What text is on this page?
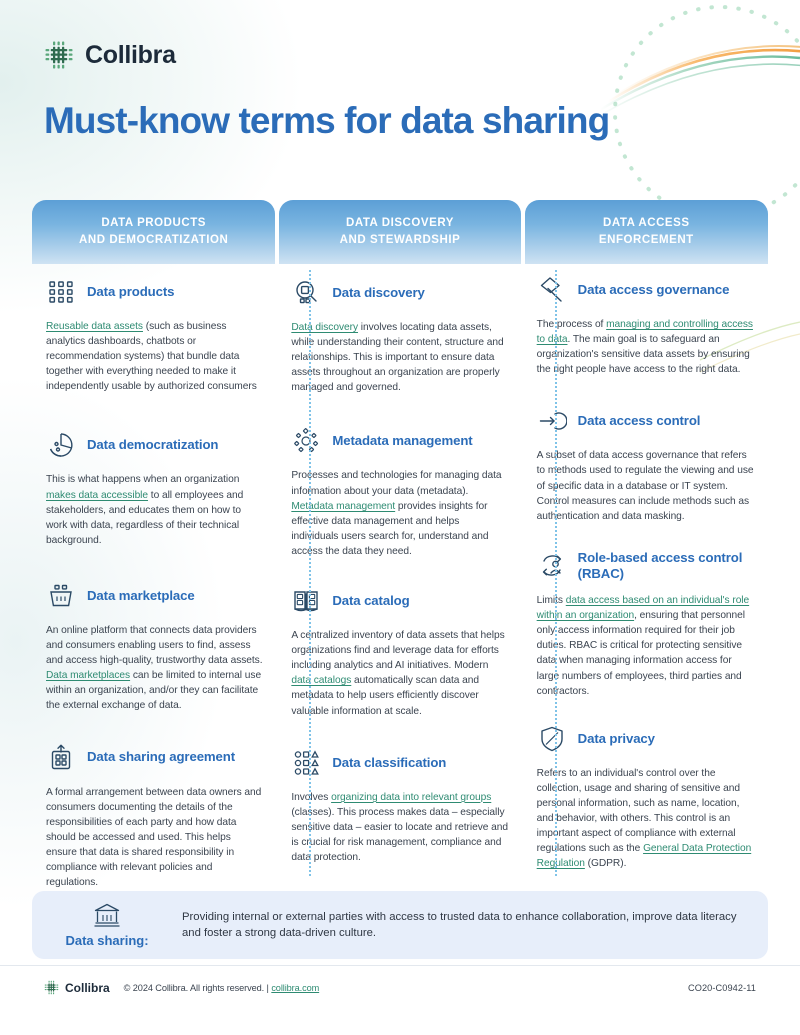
Collibra
Must-know terms for data sharing
DATA PRODUCTS
AND DEMOCRATIZATION
Data products

Reusable data assets (such as business analytics dashboards, chatbots or recommendation systems) that bundle data together with everything needed to make it independently usable by authorized consumers

Data democratization

This is what happens when an organization makes data accessible to all employees and stakeholders, and educates them on how to work with data, regardless of their technical background.

Data marketplace

An online platform that connects data providers and consumers enabling users to find, assess and access high-quality, trustworthy data assets. Data marketplaces can be limited to internal use within an organization, and/or they can facilitate the external exchange of data.

Data sharing agreement

A formal arrangement between data owners and consumers documenting the details of the responsibilities of each party and how data should be accessed and used. This helps ensure that data is shared responsibility in compliance with relevant policies and regulations.

DATA DISCOVERY
AND STEWARDSHIP
Data discovery

Data discovery involves locating data assets, while understanding their content, structure and relationships. This is important to ensure data assets throughout an organization are properly managed and governed.

Metadata management

Processes and technologies for managing data information about your data (metadata). Metadata management provides insights for effective data management and helps individuals users search for, understand and access the data they need.

Data catalog

A centralized inventory of data assets that helps organizations find and leverage data for efforts including analytics and AI initiatives. Modern data catalogs automatically scan data and metadata to help users efficiently discover valuable information at scale.

Data classification

Involves organizing data into relevant groups (classes). This process makes data – especially sensitive data – easier to locate and retrieve and is crucial for risk management, compliance and data protection.

DATA ACCESS
ENFORCEMENT
Data access governance

The process of managing and controlling access to data. The main goal is to safeguard an organization's sensitive data assets by ensuring the right people have access to the right data.

Data access control

A subset of data access governance that refers to methods used to regulate the viewing and use of specific data in a database or IT system. Control measures can include methods such as authentication and data masking.

Role-based access control (RBAC)

Limits data access based on an individual's role within an organization, ensuring that personnel only access information required for their job duties. RBAC is critical for protecting sensitive data when managing information access for large numbers of employees, third parties and contractors.

Data privacy

Refers to an individual's control over the collection, usage and sharing of sensitive and personal information, such as name, location, and behavior, with others. This control is an important aspect of compliance with external regulations such as the General Data Protection Regulation (GDPR).

Data sharing:
Providing internal or external parties with access to trusted data to enhance collaboration, improve data literacy and foster a strong data-driven culture.
Collibra © 2024 Collibra. All rights reserved. | collibra.com	CO20-C0942-11
